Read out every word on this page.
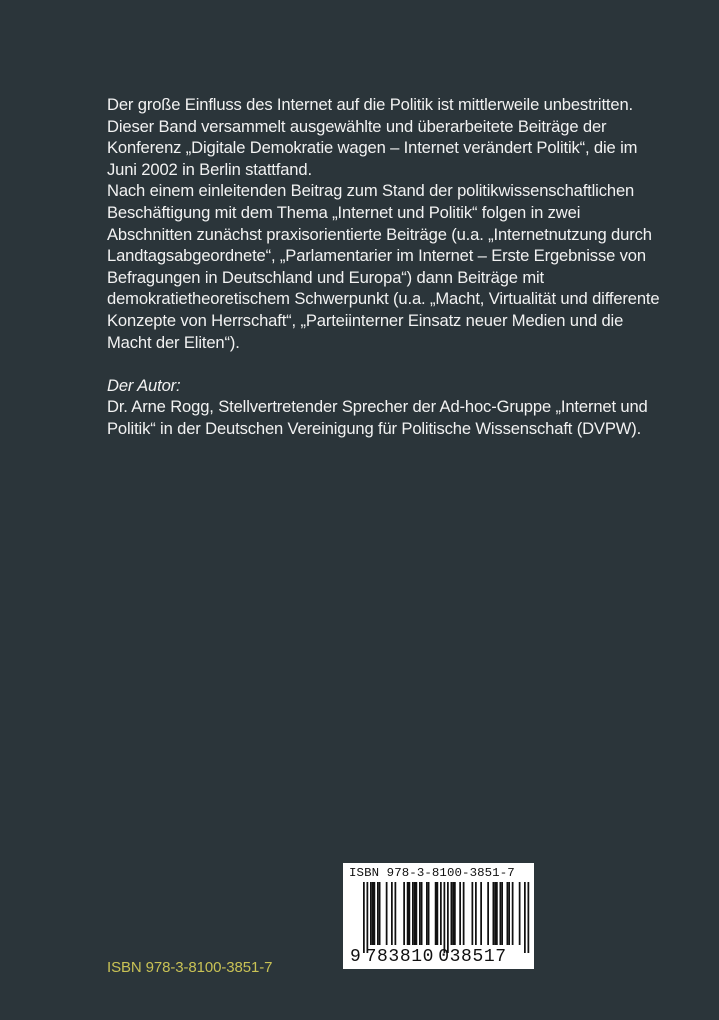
Der große Einfluss des Internet auf die Politik ist mittlerweile unbestritten. Dieser Band versammelt ausgewählte und überarbeitete Beiträge der Konferenz „Digitale Demokratie wagen – Internet verändert Politik“, die im Juni 2002 in Berlin stattfand.

Nach einem einleitenden Beitrag zum Stand der politikwissenschaftlichen Beschäftigung mit dem Thema „Internet und Politik“ folgen in zwei Abschnitten zunächst praxisorientierte Beiträge (u.a. „Internetnutzung durch Landtagsabgeordnete“, „Parlamentarier im Internet – Erste Ergebnisse von Befragungen in Deutschland und Europa“) dann Beiträge mit demokratietheoretischem Schwerpunkt (u.a. „Macht, Virtualität und differente Konzepte von Herrschaft“, „Parteiinterner Einsatz neuer Medien und die Macht der Eliten“).

Der Autor:

Dr. Arne Rogg, Stellvertretender Sprecher der Ad-hoc-Gruppe „Internet und Politik“ in der Deutschen Vereinigung für Politische Wissenschaft (DVPW).

ISBN 978-3-8100-3851-7
9  783810  038517
ISBN 978-3-8100-3851-7
